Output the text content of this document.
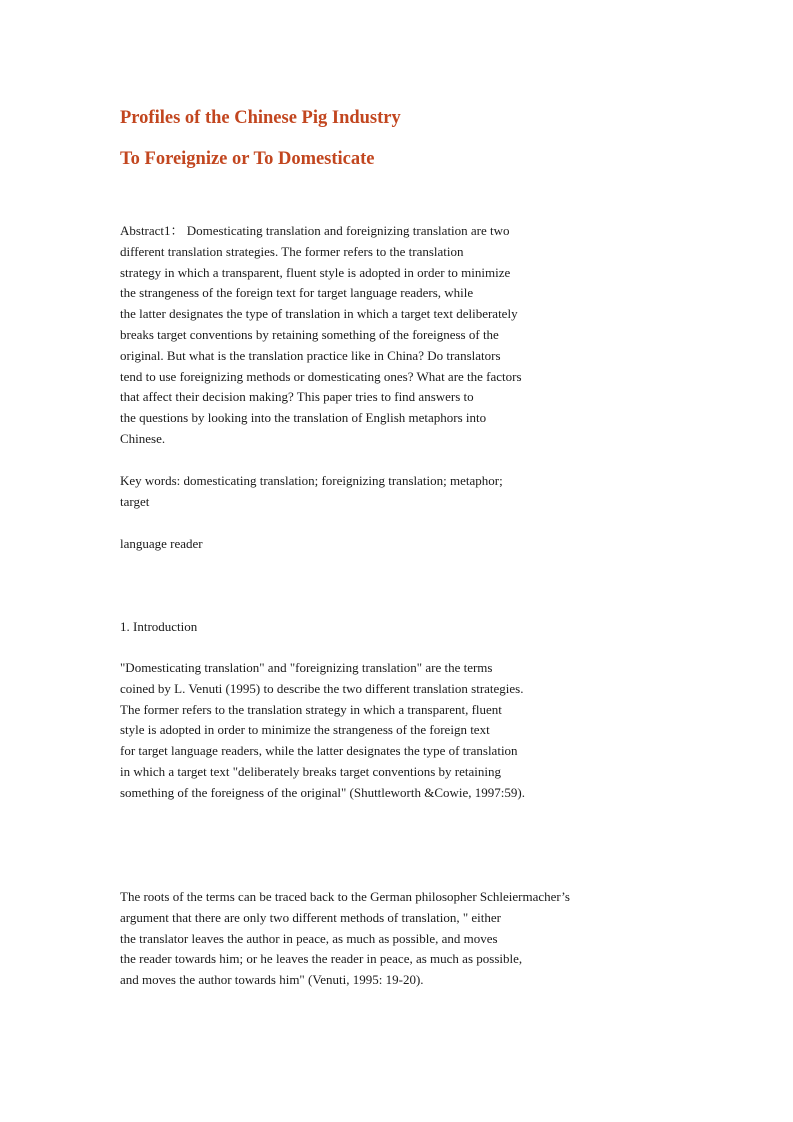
Profiles of the Chinese Pig Industry
To Foreignize or To Domesticate

Abstract1： Domesticating translation and foreignizing translation are two
different translation strategies. The former refers to the translation
strategy in which a transparent, fluent style is adopted in order to minimize
the strangeness of the foreign text for target language readers, while
the latter designates the type of translation in which a target text deliberately
breaks target conventions by retaining something of the foreigness of the
original. But what is the translation practice like in China? Do translators
tend to use foreignizing methods or domesticating ones? What are the factors
that affect their decision making? This paper tries to find answers to
the questions by looking into the translation of English metaphors into
Chinese.

Key words: domesticating translation; foreignizing translation; metaphor;
target

language reader

1. Introduction

"Domesticating translation" and "foreignizing translation" are the terms
coined by L. Venuti (1995) to describe the two different translation strategies.
The former refers to the translation strategy in which a transparent, fluent
style is adopted in order to minimize the strangeness of the foreign text
for target language readers, while the latter designates the type of translation
in which a target text "deliberately breaks target conventions by retaining
something of the foreigness of the original" (Shuttleworth &Cowie, 1997:59).

The roots of the terms can be traced back to the German philosopher Schleiermacher’s
argument that there are only two different methods of translation, " either
the translator leaves the author in peace, as much as possible, and moves
the reader towards him; or he leaves the reader in peace, as much as possible,
and moves the author towards him" (Venuti, 1995: 19-20).
